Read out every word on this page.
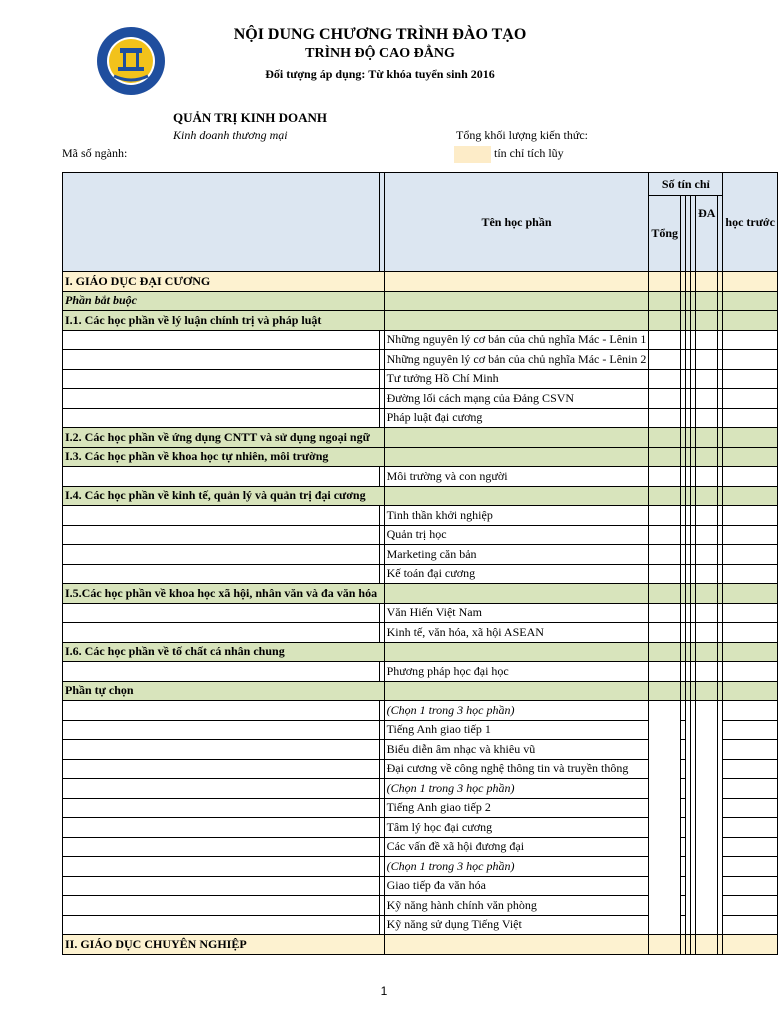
NỘI DUNG CHƯƠNG TRÌNH ĐÀO TẠO
TRÌNH ĐỘ CAO ĐẲNG
Đối tượng áp dụng: Từ khóa tuyển sinh 2016
QUẢN TRỊ KINH DOANH
Kinh doanh thương mại	Tổng khối lượng kiến thức:
Mã số ngành:	tín chỉ tích lũy
		Tên học phần	Số tín chỉ						học trước
			Tổng				ĐA		
I. GIÁO DỤC ĐẠI CƯƠNG									
Phần bắt buộc									
I.1. Các học phần về lý luận chính trị và pháp luật									
		Những nguyên lý cơ bản của chủ nghĩa Mác - Lênin 1							
		Những nguyên lý cơ bản của chủ nghĩa Mác - Lênin 2							
		Tư tưởng Hồ Chí Minh							
		Đường lối cách mạng của Đảng CSVN							
		Pháp luật đại cương							
I.2. Các học phần về ứng dụng CNTT và sử dụng ngoại ngữ									
I.3. Các học phần về khoa học tự nhiên, môi trường									
		Môi trường và con người							
I.4. Các học phần về kinh tế, quản lý và quản trị đại cương									
		Tinh thần khởi nghiệp							
		Quản trị học							
		Marketing căn bản							
		Kế toán đại cương							
I.5.Các học phần về khoa học xã hội, nhân văn và đa văn hóa									
		Văn Hiến Việt Nam							
		Kinh tế, văn hóa, xã hội ASEAN							
I.6. Các học phần về tố chất cá nhân chung									
		Phương pháp học đại học							
Phần tự chọn									
		(Chọn 1 trong 3 học phần)							
		Tiếng Anh giao tiếp 1							
		Biểu diễn âm nhạc và khiêu vũ							
		Đại cương về công nghệ thông tin và truyền thông							
		(Chọn 1 trong 3 học phần)							
		Tiếng Anh giao tiếp 2							
		Tâm lý học đại cương							
		Các vấn đề xã hội đương đại							
		(Chọn 1 trong 3 học phần)							
		Giao tiếp đa văn hóa							
		Kỹ năng hành chính văn phòng							
		Kỹ năng sử dụng Tiếng Việt							
II. GIÁO DỤC CHUYÊN NGHIỆP									
1
